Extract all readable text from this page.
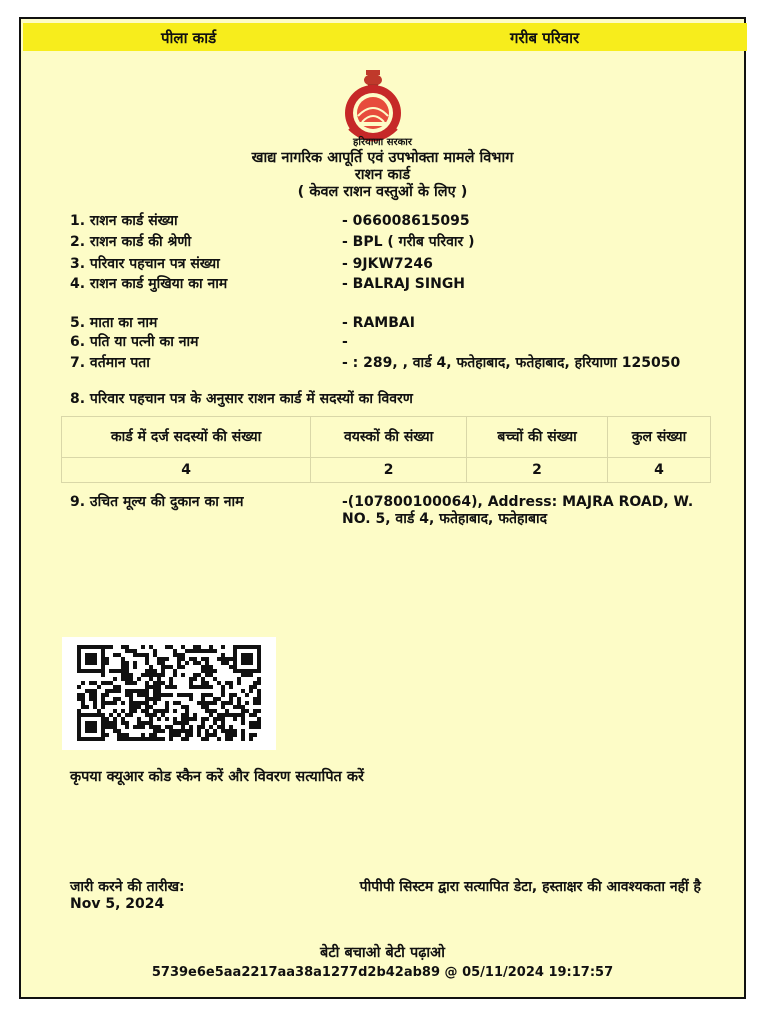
पीला कार्ड	गरीब परिवार
हरियाणा सरकार
खाद्य नागरिक आपूर्ति एवं उपभोक्ता मामले विभाग
राशन कार्ड
( केवल राशन वस्तुओं के लिए )
1. राशन कार्ड संख्या	- 066008615095
2. राशन कार्ड की श्रेणी	- BPL ( गरीब परिवार )
3. परिवार पहचान पत्र संख्या	- 9JKW7246
4. राशन कार्ड मुखिया का नाम	- BALRAJ SINGH
5. माता का नाम	- RAMBAI
6. पति या पत्नी का नाम	-
7. वर्तमान पता	- : 289, , वार्ड 4, फतेहाबाद, फतेहाबाद, हरियाणा 125050
8. परिवार पहचान पत्र के अनुसार राशन कार्ड में सदस्यों का विवरण
कार्ड में दर्ज सदस्यों की संख्या	वयस्कों की संख्या	बच्चों की संख्या	कुल संख्या
4	2	2	4
9. उचित मूल्य की दुकान का नाम	-(107800100064), Address: MAJRA ROAD, W. NO. 5, वार्ड 4, फतेहाबाद, फतेहाबाद
कृपया क्यूआर कोड स्कैन करें और विवरण सत्यापित करें
जारी करने की तारीख:
Nov 5, 2024
पीपीपी सिस्टम द्वारा सत्यापित डेटा, हस्ताक्षर की आवश्यकता नहीं है
बेटी बचाओ बेटी पढ़ाओ
5739e6e5aa2217aa38a1277d2b42ab89 @ 05/11/2024 19:17:57
